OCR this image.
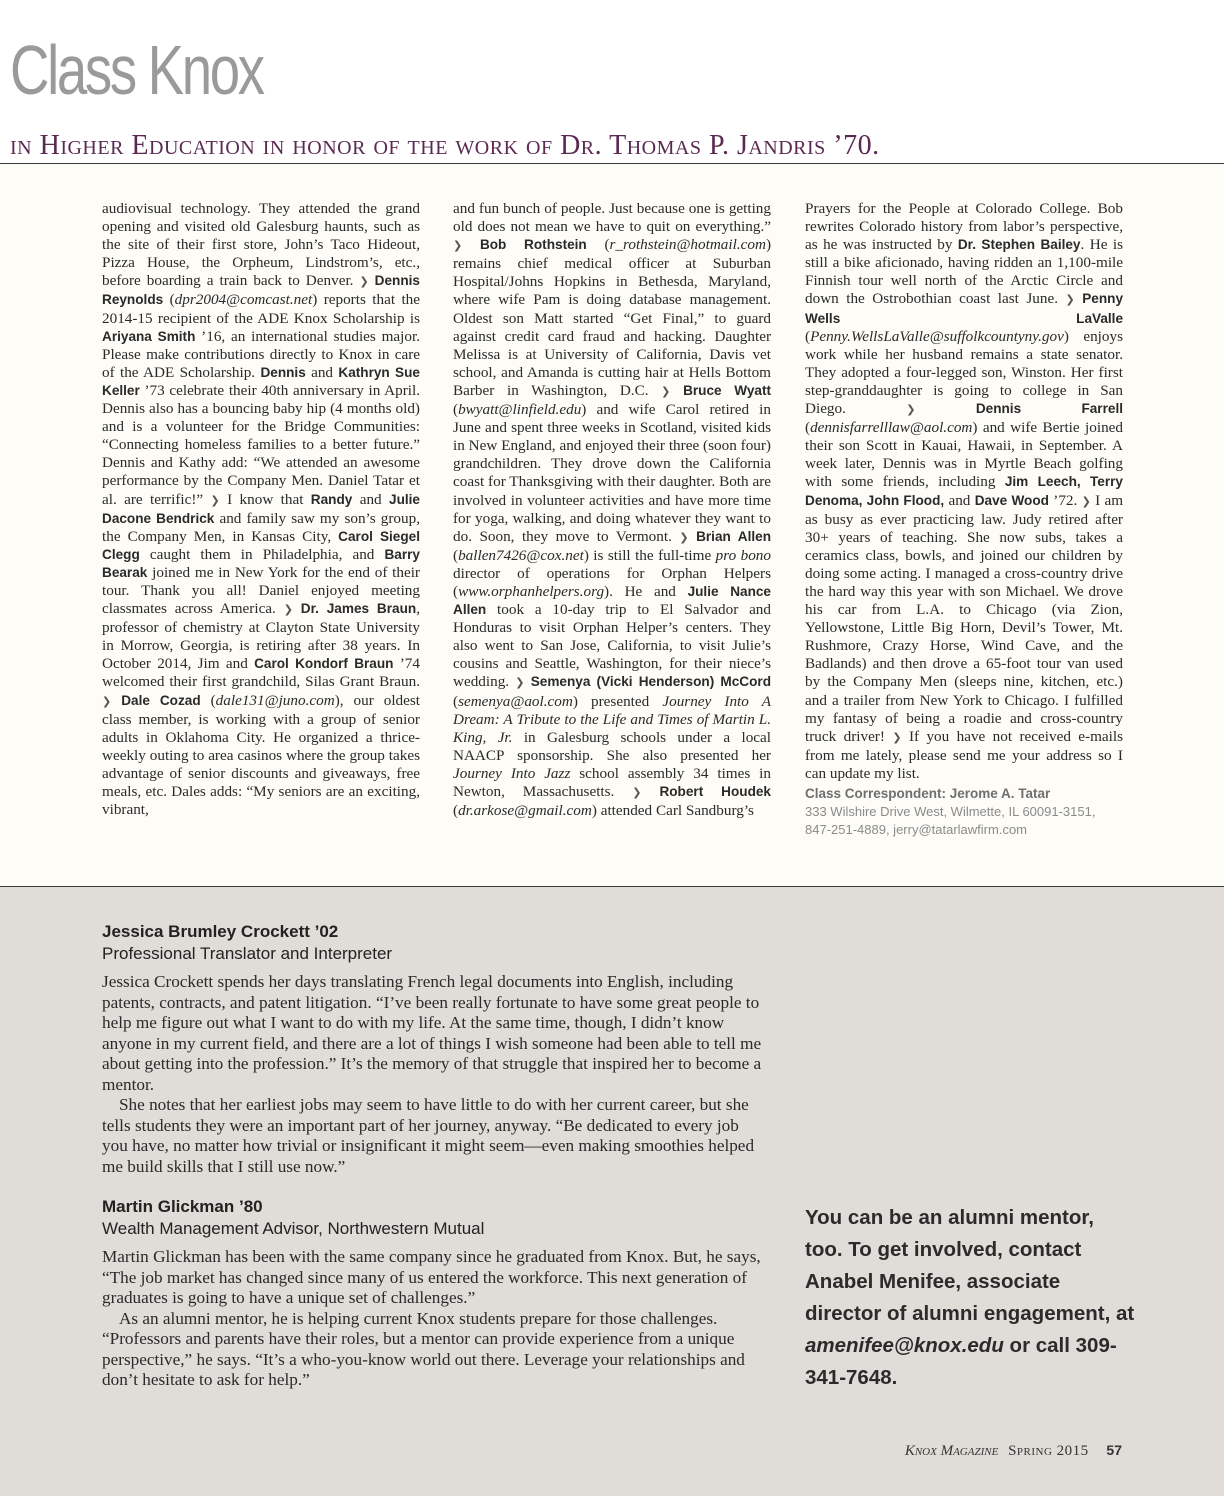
Class Knox
in Higher Education in honor of the work of Dr. Thomas P. Jandris ’70.
audiovisual technology. They attended the grand opening and visited old Galesburg haunts, such as the site of their first store, John’s Taco Hideout, Pizza House, the Orpheum, Lindstrom’s, etc., before boarding a train back to Denver. ❯ Dennis Reynolds (dpr2004@comcast.net) reports that the 2014-15 recipient of the ADE Knox Scholarship is Ariyana Smith ’16, an international studies major. Please make contributions directly to Knox in care of the ADE Scholarship. Dennis and Kathryn Sue Keller ’73 celebrate their 40th anniversary in April. Dennis also has a bouncing baby hip (4 months old) and is a volunteer for the Bridge Communities: “Connecting homeless families to a better future.” Dennis and Kathy add: “We attended an awesome performance by the Company Men. Daniel Tatar et al. are terrific!” ❯ I know that Randy and Julie Dacone Bendrick and family saw my son’s group, the Company Men, in Kansas City, Carol Siegel Clegg caught them in Philadelphia, and Barry Bearak joined me in New York for the end of their tour. Thank you all! Daniel enjoyed meeting classmates across America. ❯ Dr. James Braun, professor of chemistry at Clayton State University in Morrow, Georgia, is retiring after 38 years. In October 2014, Jim and Carol Kondorf Braun ’74 welcomed their first grandchild, Silas Grant Braun. ❯ Dale Cozad (dale131@juno.com), our oldest class member, is working with a group of senior adults in Oklahoma City. He organized a thrice-weekly outing to area casinos where the group takes advantage of senior discounts and giveaways, free meals, etc. Dales adds: “My seniors are an exciting, vibrant,
and fun bunch of people. Just because one is getting old does not mean we have to quit on everything.” ❯ Bob Rothstein (r_rothstein@hotmail.com) remains chief medical officer at Suburban Hospital/Johns Hopkins in Bethesda, Maryland, where wife Pam is doing database management. Oldest son Matt started “Get Final,” to guard against credit card fraud and hacking. Daughter Melissa is at University of California, Davis vet school, and Amanda is cutting hair at Hells Bottom Barber in Washington, D.C. ❯ Bruce Wyatt (bwyatt@linfield.edu) and wife Carol retired in June and spent three weeks in Scotland, visited kids in New England, and enjoyed their three (soon four) grandchildren. They drove down the California coast for Thanksgiving with their daughter. Both are involved in volunteer activities and have more time for yoga, walking, and doing whatever they want to do. Soon, they move to Vermont. ❯ Brian Allen (ballen7426@cox.net) is still the full-time pro bono director of operations for Orphan Helpers (www.orphanhelpers.org). He and Julie Nance Allen took a 10-day trip to El Salvador and Honduras to visit Orphan Helper’s centers. They also went to San Jose, California, to visit Julie’s cousins and Seattle, Washington, for their niece’s wedding. ❯ Semenya (Vicki Henderson) McCord (semenya@aol.com) presented Journey Into A Dream: A Tribute to the Life and Times of Martin L. King, Jr. in Galesburg schools under a local NAACP sponsorship. She also presented her Journey Into Jazz school assembly 34 times in Newton, Massachusetts. ❯ Robert Houdek (dr.arkose@gmail.com) attended Carl Sandburg’s
Prayers for the People at Colorado College. Bob rewrites Colorado history from labor’s perspective, as he was instructed by Dr. Stephen Bailey. He is still a bike aficionado, having ridden an 1,100-mile Finnish tour well north of the Arctic Circle and down the Ostrobothian coast last June. ❯ Penny Wells LaValle (Penny.WellsLaValle@suffolkcountyny.gov) enjoys work while her husband remains a state senator. They adopted a four-legged son, Winston. Her first step-granddaughter is going to college in San Diego. ❯	Dennis Farrell (dennisfarrelllaw@aol.com) and wife Bertie joined their son Scott in Kauai, Hawaii, in September. A week later, Dennis was in Myrtle Beach golfing with some friends, including Jim Leech, Terry Denoma, John Flood, and Dave Wood ’72. ❯ I am as busy as ever practicing law. Judy retired after 30+ years of teaching. She now subs, takes a ceramics class, bowls, and joined our children by doing some acting. I managed a cross-country drive the hard way this year with son Michael. We drove his car from L.A. to Chicago (via Zion, Yellowstone, Little Big Horn, Devil’s Tower, Mt. Rushmore, Crazy Horse, Wind Cave, and the Badlands) and then drove a 65-foot tour van used by the Company Men (sleeps nine, kitchen, etc.) and a trailer from New York to Chicago. I fulfilled my fantasy of being a roadie and cross-country truck driver! ❯ If you have not received e-mails from me lately, please send me your address so I can update my list.
Class Correspondent: Jerome A. Tatar
333 Wilshire Drive West, Wilmette, IL 60091-3151,
847-251-4889, jerry@tatarlawfirm.com
Jessica Brumley Crockett ’02
Professional Translator and Interpreter

Jessica Crockett spends her days translating French legal documents into English, including patents, contracts, and patent litigation. “I’ve been really fortunate to have some great people to help me figure out what I want to do with my life. At the same time, though, I didn’t know anyone in my current field, and there are a lot of things I wish someone had been able to tell me about getting into the profession.” It’s the memory of that struggle that inspired her to become a mentor.

She notes that her earliest jobs may seem to have little to do with her current career, but she tells students they were an important part of her journey, anyway. “Be dedicated to every job you have, no matter how trivial or insignificant it might seem—even making smoothies helped me build skills that I still use now.”

Martin Glickman ’80
Wealth Management Advisor, Northwestern Mutual

Martin Glickman has been with the same company since he graduated from Knox. But, he says, “The job market has changed since many of us entered the workforce. This next generation of graduates is going to have a unique set of challenges.”

As an alumni mentor, he is helping current Knox students prepare for those challenges. “Professors and parents have their roles, but a mentor can provide experience from a unique perspective,” he says. “It’s a who-you-know world out there. Leverage your relationships and don’t hesitate to ask for help.”

You can be an alumni mentor, too. To get involved, contact Anabel Menifee, associate director of alumni engagement, at amenifee@knox.edu or call 309-341-7648.
Knox Magazine Spring 2015 57
